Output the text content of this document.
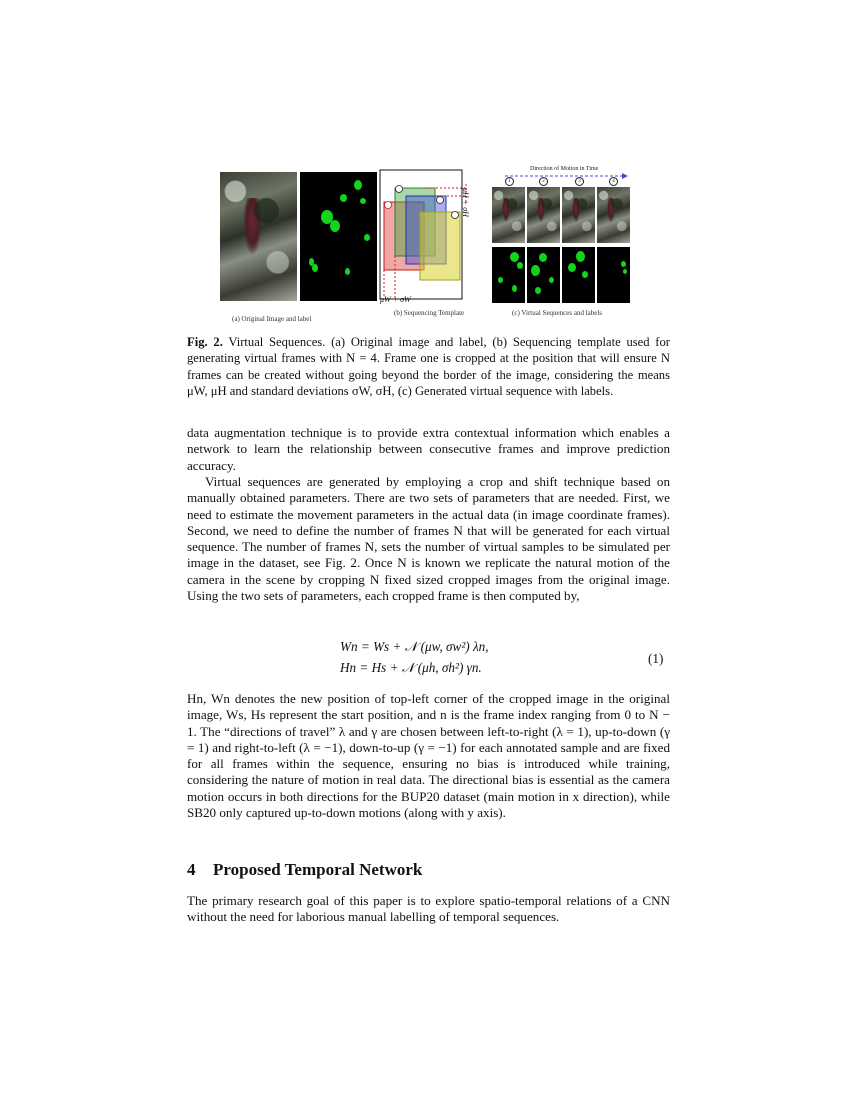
(a) Original Image and label
μH + σH
μW + σW
(b) Sequencing Template
Direction of Motion in Time
1	2	3	4
(c) Virtual Sequences and labels
Fig. 2. Virtual Sequences. (a) Original image and label, (b) Sequencing template used for generating virtual frames with N = 4. Frame one is cropped at the position that will ensure N frames can be created without going beyond the border of the image, considering the means μW, μH and standard deviations σW, σH, (c) Generated virtual sequence with labels.

data augmentation technique is to provide extra contextual information which enables a network to learn the relationship between consecutive frames and improve prediction accuracy.

Virtual sequences are generated by employing a crop and shift technique based on manually obtained parameters. There are two sets of parameters that are needed. First, we need to estimate the movement parameters in the actual data (in image coordinate frames). Second, we need to define the number of frames N that will be generated for each virtual sequence. The number of frames N, sets the number of virtual samples to be simulated per image in the dataset, see Fig. 2. Once N is known we replicate the natural motion of the camera in the scene by cropping N fixed sized cropped images from the original image. Using the two sets of parameters, each cropped frame is then computed by,

Wn = Ws + 𝒩 (μw, σw²) λn,
Hn = Hs + 𝒩 (μh, σh²) γn.
(1)

Hn, Wn denotes the new position of top-left corner of the cropped image in the original image, Ws, Hs represent the start position, and n is the frame index ranging from 0 to N − 1. The “directions of travel” λ and γ are chosen between left-to-right (λ = 1), up-to-down (γ = 1) and right-to-left (λ = −1), down-to-up (γ = −1) for each annotated sample and are fixed for all frames within the sequence, ensuring no bias is introduced while training, considering the nature of motion in real data. The directional bias is essential as the camera motion occurs in both directions for the BUP20 dataset (main motion in x direction), while SB20 only captured up-to-down motions (along with y axis).

4 Proposed Temporal Network

The primary research goal of this paper is to explore spatio-temporal relations of a CNN without the need for laborious manual labelling of temporal sequences.
